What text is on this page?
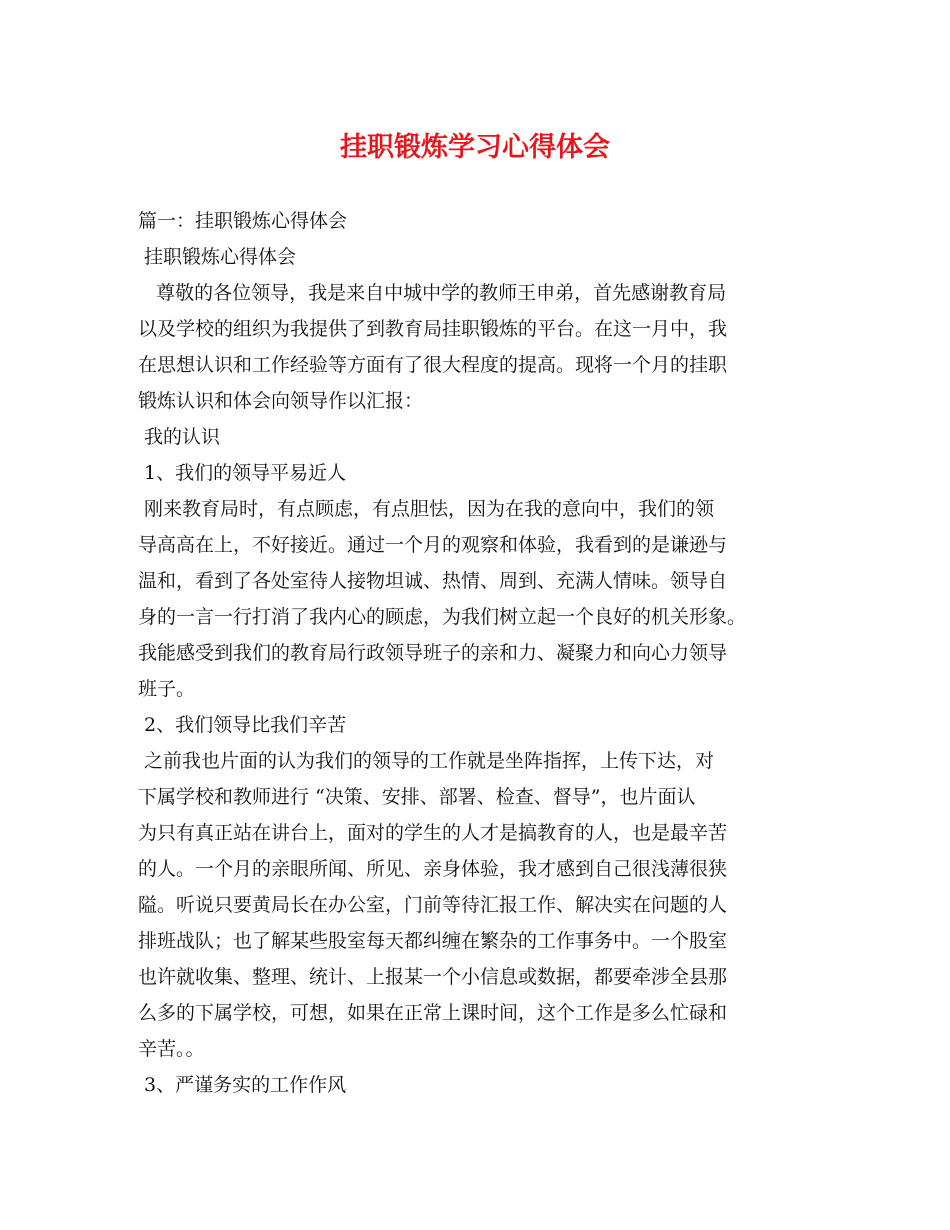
挂职锻炼学习心得体会
篇一：挂职锻炼心得体会
挂职锻炼心得体会
尊敬的各位领导，我是来自中城中学的教师王申弟，首先感谢教育局
以及学校的组织为我提供了到教育局挂职锻炼的平台。在这一月中，我
在思想认识和工作经验等方面有了很大程度的提高。现将一个月的挂职
锻炼认识和体会向领导作以汇报：
我的认识
1、我们的领导平易近人
刚来教育局时，有点顾虑，有点胆怯，因为在我的意向中，我们的领
导高高在上，不好接近。通过一个月的观察和体验，我看到的是谦逊与
温和，看到了各处室待人接物坦诚、热情、周到、充满人情味。领导自
身的一言一行打消了我内心的顾虑，为我们树立起一个良好的机关形象。
我能感受到我们的教育局行政领导班子的亲和力、凝聚力和向心力领导
班子。
2、我们领导比我们辛苦
之前我也片面的认为我们的领导的工作就是坐阵指挥，上传下达，对
下属学校和教师进行 “决策、安排、部署、检查、督导”，也片面认
为只有真正站在讲台上，面对的学生的人才是搞教育的人，也是最辛苦
的人。一个月的亲眼所闻、所见、亲身体验，我才感到自己很浅薄很狭
隘。听说只要黄局长在办公室，门前等待汇报工作、解决实在问题的人
排班战队；也了解某些股室每天都纠缠在繁杂的工作事务中。一个股室
也许就收集、整理、统计、上报某一个小信息或数据，都要牵涉全县那
么多的下属学校，可想，如果在正常上课时间，这个工作是多么忙碌和
辛苦。。
3、严谨务实的工作作风
